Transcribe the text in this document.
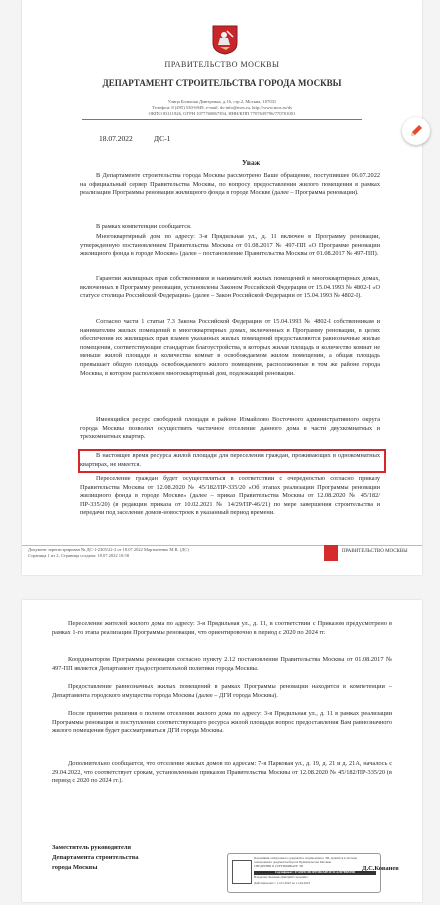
ПРАВИТЕЛЬСТВО МОСКВЫ
ДЕПАРТАМЕНТ СТРОИТЕЛЬСТВА ГОРОДА МОСКВЫ
Улица Большая Дмитровка, д.16, стр.2, Москва, 107031
Телефон: 8 (495) 530-6949, e-mail: ds-info@mos.ru, http://www.mos.ru/ds
ОКПО 83111926, ОГРН 1077760867394, ИНН/КПП 7707639796/770701001
18.07.2022	ДС-1
Уваж
В Департаменте строительства города Москвы рассмотрено Ваше обращение, поступившее 06.07.2022 на официальный сервер Правительства Москвы, по вопросу предоставления жилого помещения в рамках реализации Программы реновации жилищного фонда в городе Москве (далее – Программа реновации).
В рамках компетенции сообщается.
Многоквартирный дом по адресу: 3-я Прядильная ул., д. 11 включен в Программу реновации, утвержденную постановлением Правительства Москвы от 01.08.2017 № 497-ПП «О Программе реновации жилищного фонда в городе Москве» (далее – постановление Правительства Москвы от 01.08.2017 № 497-ПП).
Гарантии жилищных прав собственников и нанимателей жилых помещений в многоквартирных домах, включенных в Программу реновации, установлены Законом Российской Федерации от 15.04.1993 № 4802-I «О статусе столицы Российской Федерации» (далее – Закон Российской Федерации от 15.04.1993 № 4802-I).
Согласно части 1 статьи 7.3 Закона Российской Федерации от 15.04.1993 № 4802-I собственникам и нанимателям жилых помещений в многоквартирных домах, включенных в Программу реновации, в целях обеспечения их жилищных прав взамен указанных жилых помещений предоставляются равнозначные жилые помещения, соответствующие стандартам благоустройства, в которых жилая площадь и количество комнат не меньше жилой площади и количества комнат в освобождаемом жилом помещении, а общая площадь превышает общую площадь освобождаемого жилого помещения, расположенные в том же районе города Москвы, в котором расположен многоквартирный дом, подлежащий реновации.
Имеющийся ресурс свободной площади в районе Измайлово Восточного административного округа города Москвы позволил осуществить частичное отселение данного дома в части двухкомнатных и трехкомнатных квартир.
В настоящее время ресурса жилой площади для переселения граждан, проживающих в однокомнатных квартирах, не имеется.
Переселение граждан будет осуществляться в соответствии с очередностью согласно приказу Правительства Москвы от 12.08.2020 № 45/182/ПР-335/20 «Об этапах реализации Программы реновации жилищного фонда в городе Москве» (далее – приказ Правительства Москвы от 12.08.2020 № 45/182/ПР-335/20) (в редакции приказа от 10.02.2021 № 14/29/ПР-46/21) по мере завершения строительства и передачи под заселение домов-новостроек в указанный период времени.
Документ зарегистрирован № ДС-1-2305/22-2 от 18.07.2022 Мартыненко М.В. (ДС)
Страница 1 из 2, Страница создана: 18.07.2022 10:58
ПРАВИТЕЛЬСТВО МОСКВЫ
Переселение жителей жилого дома по адресу: 3-я Прядильная ул., д. 11, в соответствии с Приказом предусмотрено в рамках 1-го этапа реализации Программы реновации, что ориентировочно в период с 2020 по 2024 гг.
Координатором Программы реновации согласно пункту 2.12 постановления Правительства Москвы от 01.08.2017 № 497-ПП является Департамент градостроительной политики города Москвы.
Предоставление равнозначных жилых помещений в рамках Программы реновации находится в компетенции – Департамента городского имущества города Москвы (далее – ДГИ города Москвы).
После принятия решения о полном отселении жилого дома по адресу: 3-я Прядильная ул., д. 11 в рамках реализации Программы реновации и поступлении соответствующего ресурса жилой площади вопрос предоставления Вам равнозначного жилого помещения будет рассматриваться ДГИ города Москвы.
Дополнительно сообщается, что отселение жилых домов по адресам: 7-я Парковая ул., д. 19, д. 21 и д. 21А, началось с 29.04.2022, что соответствует срокам, установленным приказом Правительства Москвы от 12.08.2020 № 45/182/ПР-335/20 (в период с 2020 по 2024 гг.).
Заместитель руководителя
Департамента строительства
города Москвы
Подлинник электронного документа, подписанного ЭП, хранится в системе электронного документооборота Правительства Москвы.
СВЕДЕНИЯ О СЕРТИФИКАТЕ ЭП
Сертификат: 47A9F5C0D1EE5B2A0E1F3CA2D7B6E49D
Владелец: Кованев Дмитрий Сергеевич
Действителен: с 11.01.2022 по 11.04.2023
Д.С.Кованев
